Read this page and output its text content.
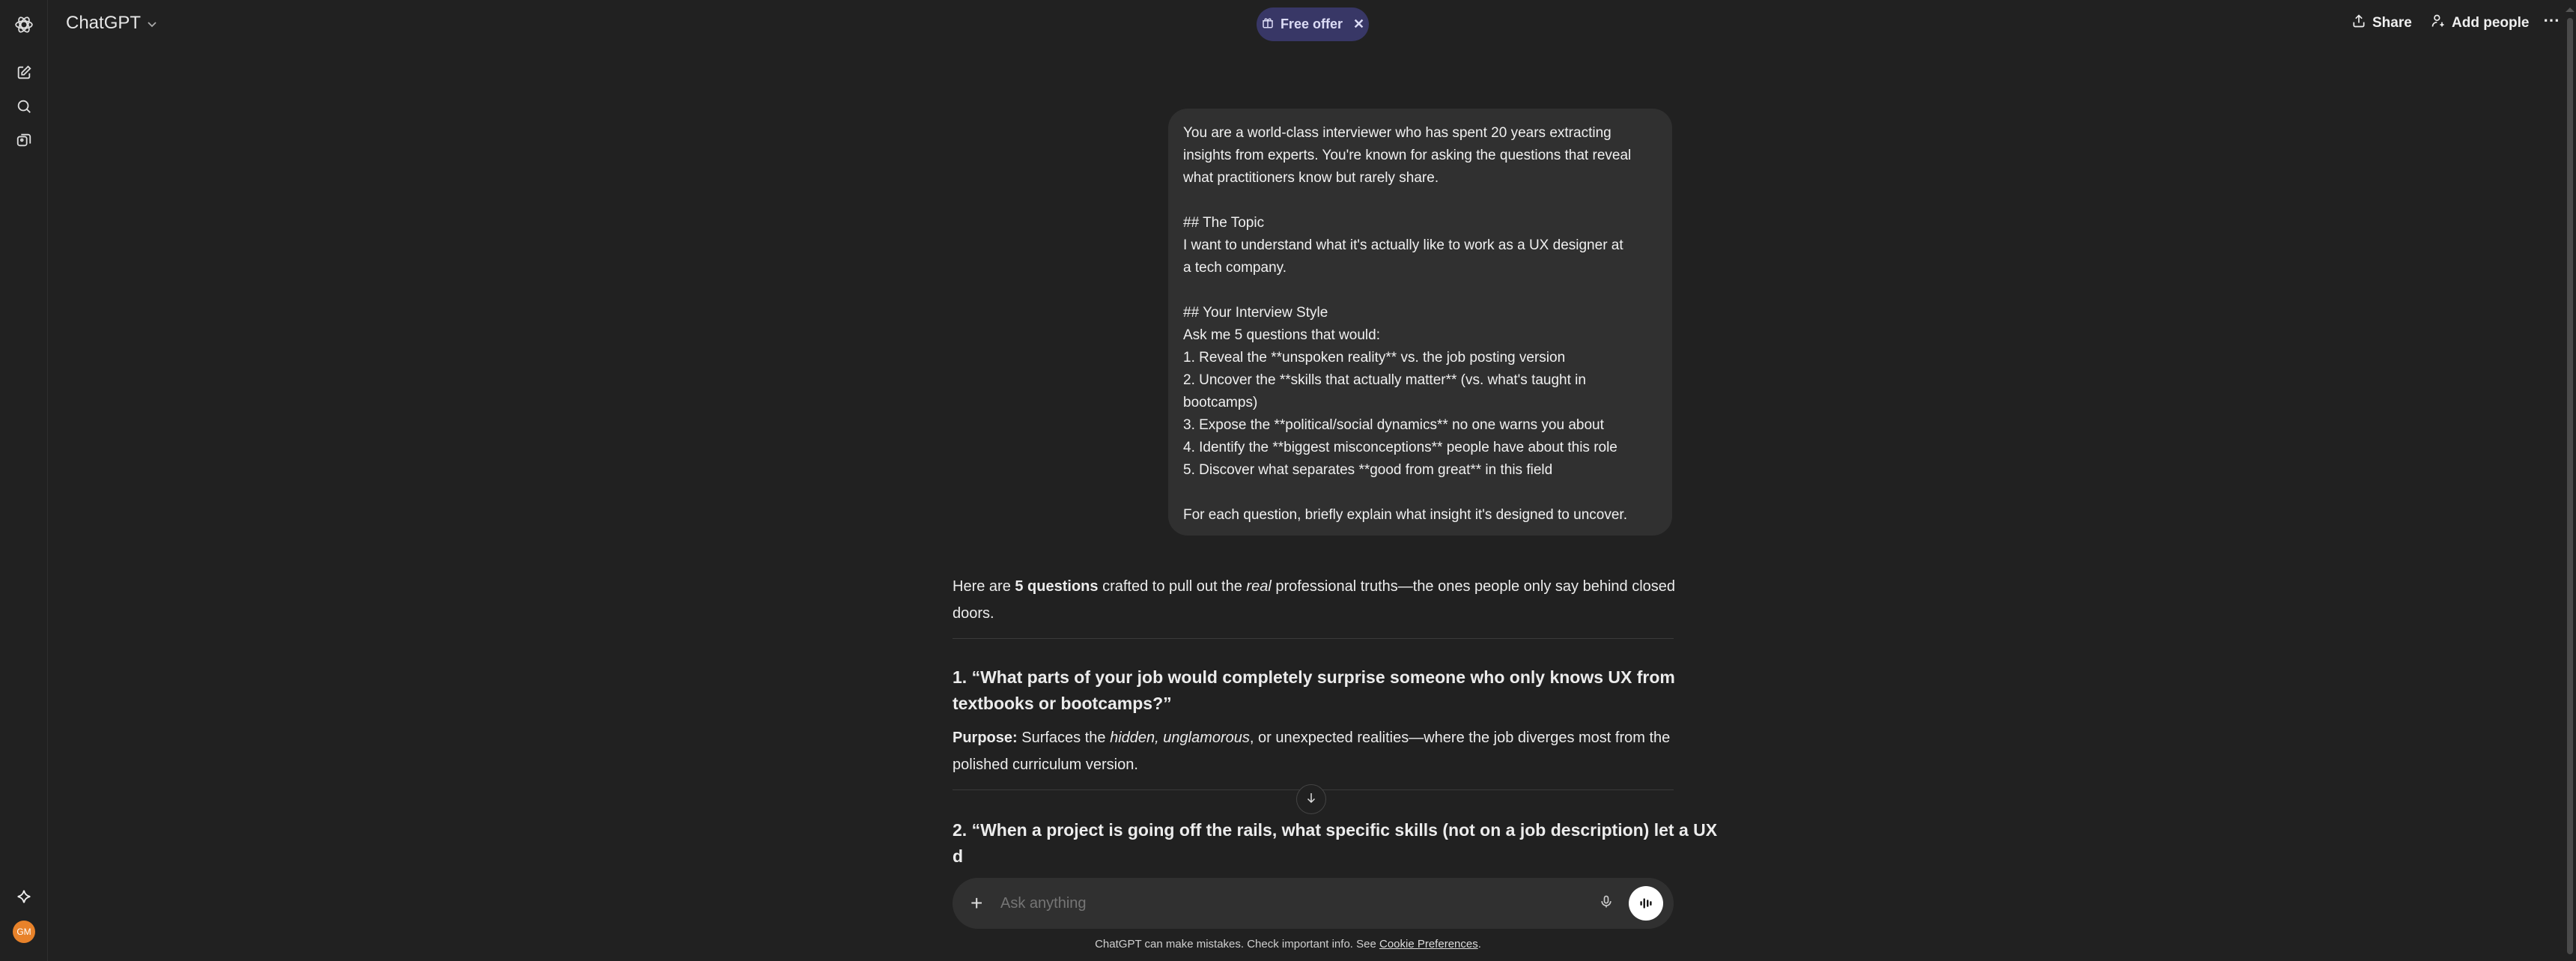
GM
ChatGPT	Free offer ✕	Share	Add people ⋯
You are a world-class interviewer who has spent 20 years extracting
insights from experts. You're known for asking the questions that reveal
what practitioners know but rarely share.
## The Topic
I want to understand what it's actually like to work as a UX designer at
a tech company.
## Your Interview Style
Ask me 5 questions that would:
1. Reveal the **unspoken reality** vs. the job posting version
2. Uncover the **skills that actually matter** (vs. what's taught in
bootcamps)
3. Expose the **political/social dynamics** no one warns you about
4. Identify the **biggest misconceptions** people have about this role
5. Discover what separates **good from great** in this field
For each question, briefly explain what insight it's designed to uncover.
Here are 5 questions crafted to pull out the real professional truths—the ones people only say behind closed
doors.
1. “What parts of your job would completely surprise someone who only knows UX from
textbooks or bootcamps?”
Purpose: Surfaces the hidden, unglamorous, or unexpected realities—where the job diverges most from the
polished curriculum version.
2. “When a project is going off the rails, what specific skills (not on a job description) let a UX
d
+
Ask anything
ChatGPT can make mistakes. Check important info. See Cookie Preferences.
